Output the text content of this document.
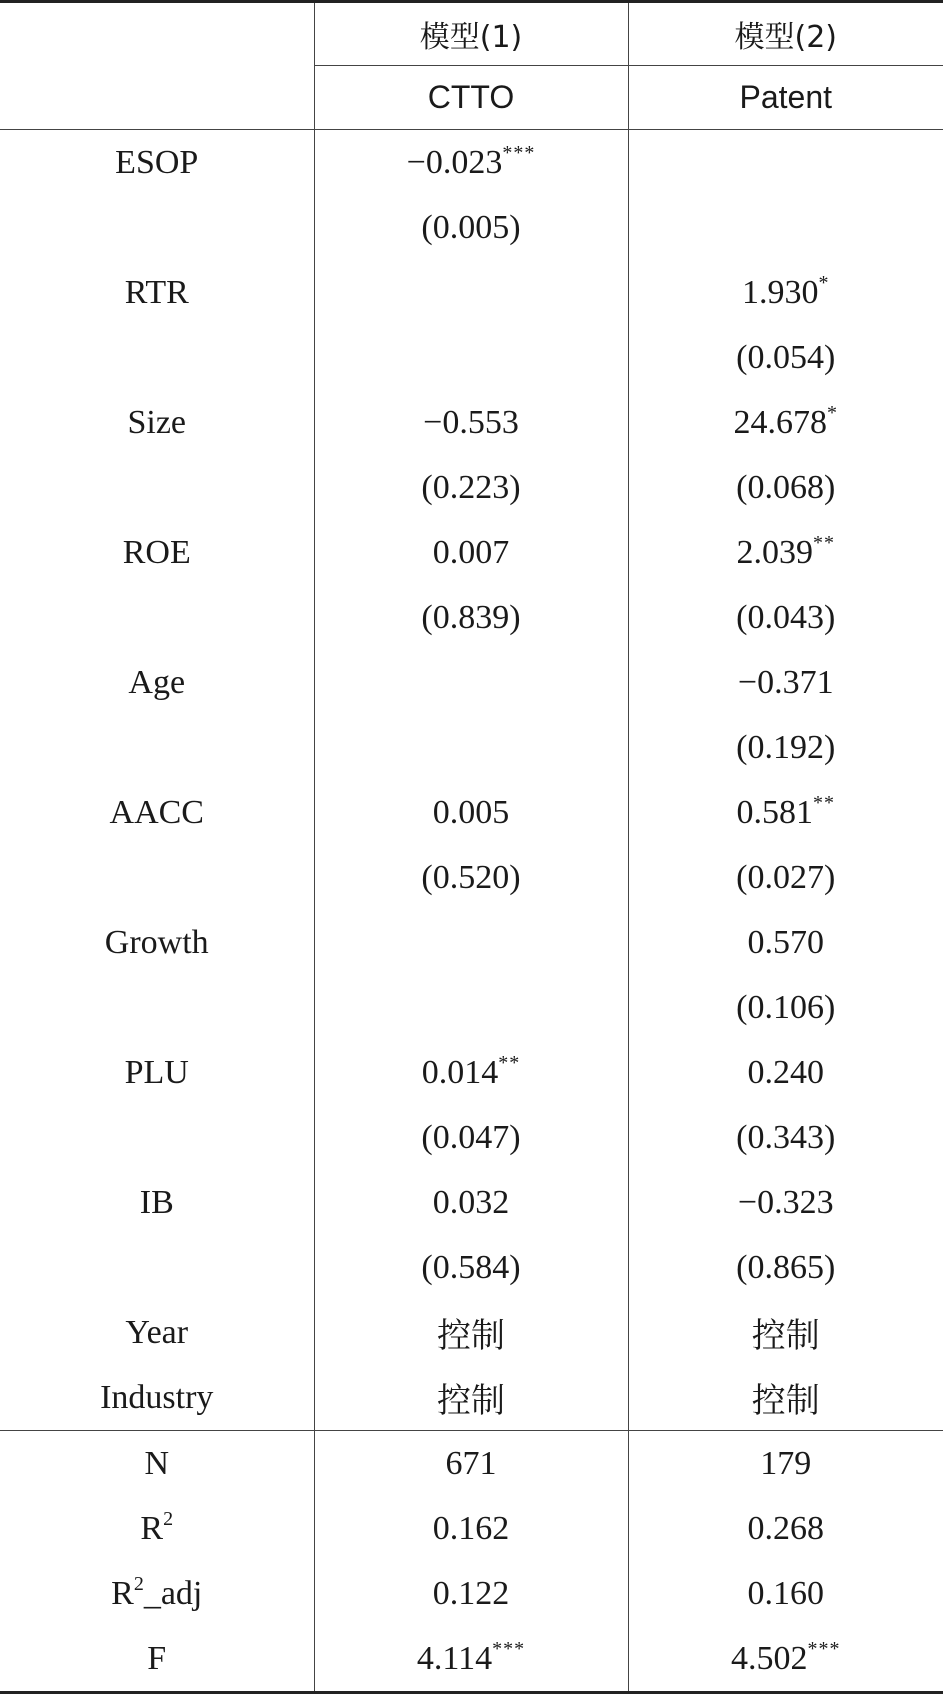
	模型(1)	模型(2)
	CTTO	Patent
ESOP	−0.023***	
	(0.005)	
RTR		1.930*
		(0.054)
Size	−0.553	24.678*
	(0.223)	(0.068)
ROE	0.007	2.039**
	(0.839)	(0.043)
Age		−0.371
		(0.192)
AACC	0.005	0.581**
	(0.520)	(0.027)
Growth		0.570
		(0.106)
PLU	0.014**	0.240
	(0.047)	(0.343)
IB	0.032	−0.323
	(0.584)	(0.865)
Year	控制	控制
Industry	控制	控制
N	671	179
$R^2$	0.162	0.268
$R^2\_adj$	0.122	0.160
F	4.114***	4.502***
